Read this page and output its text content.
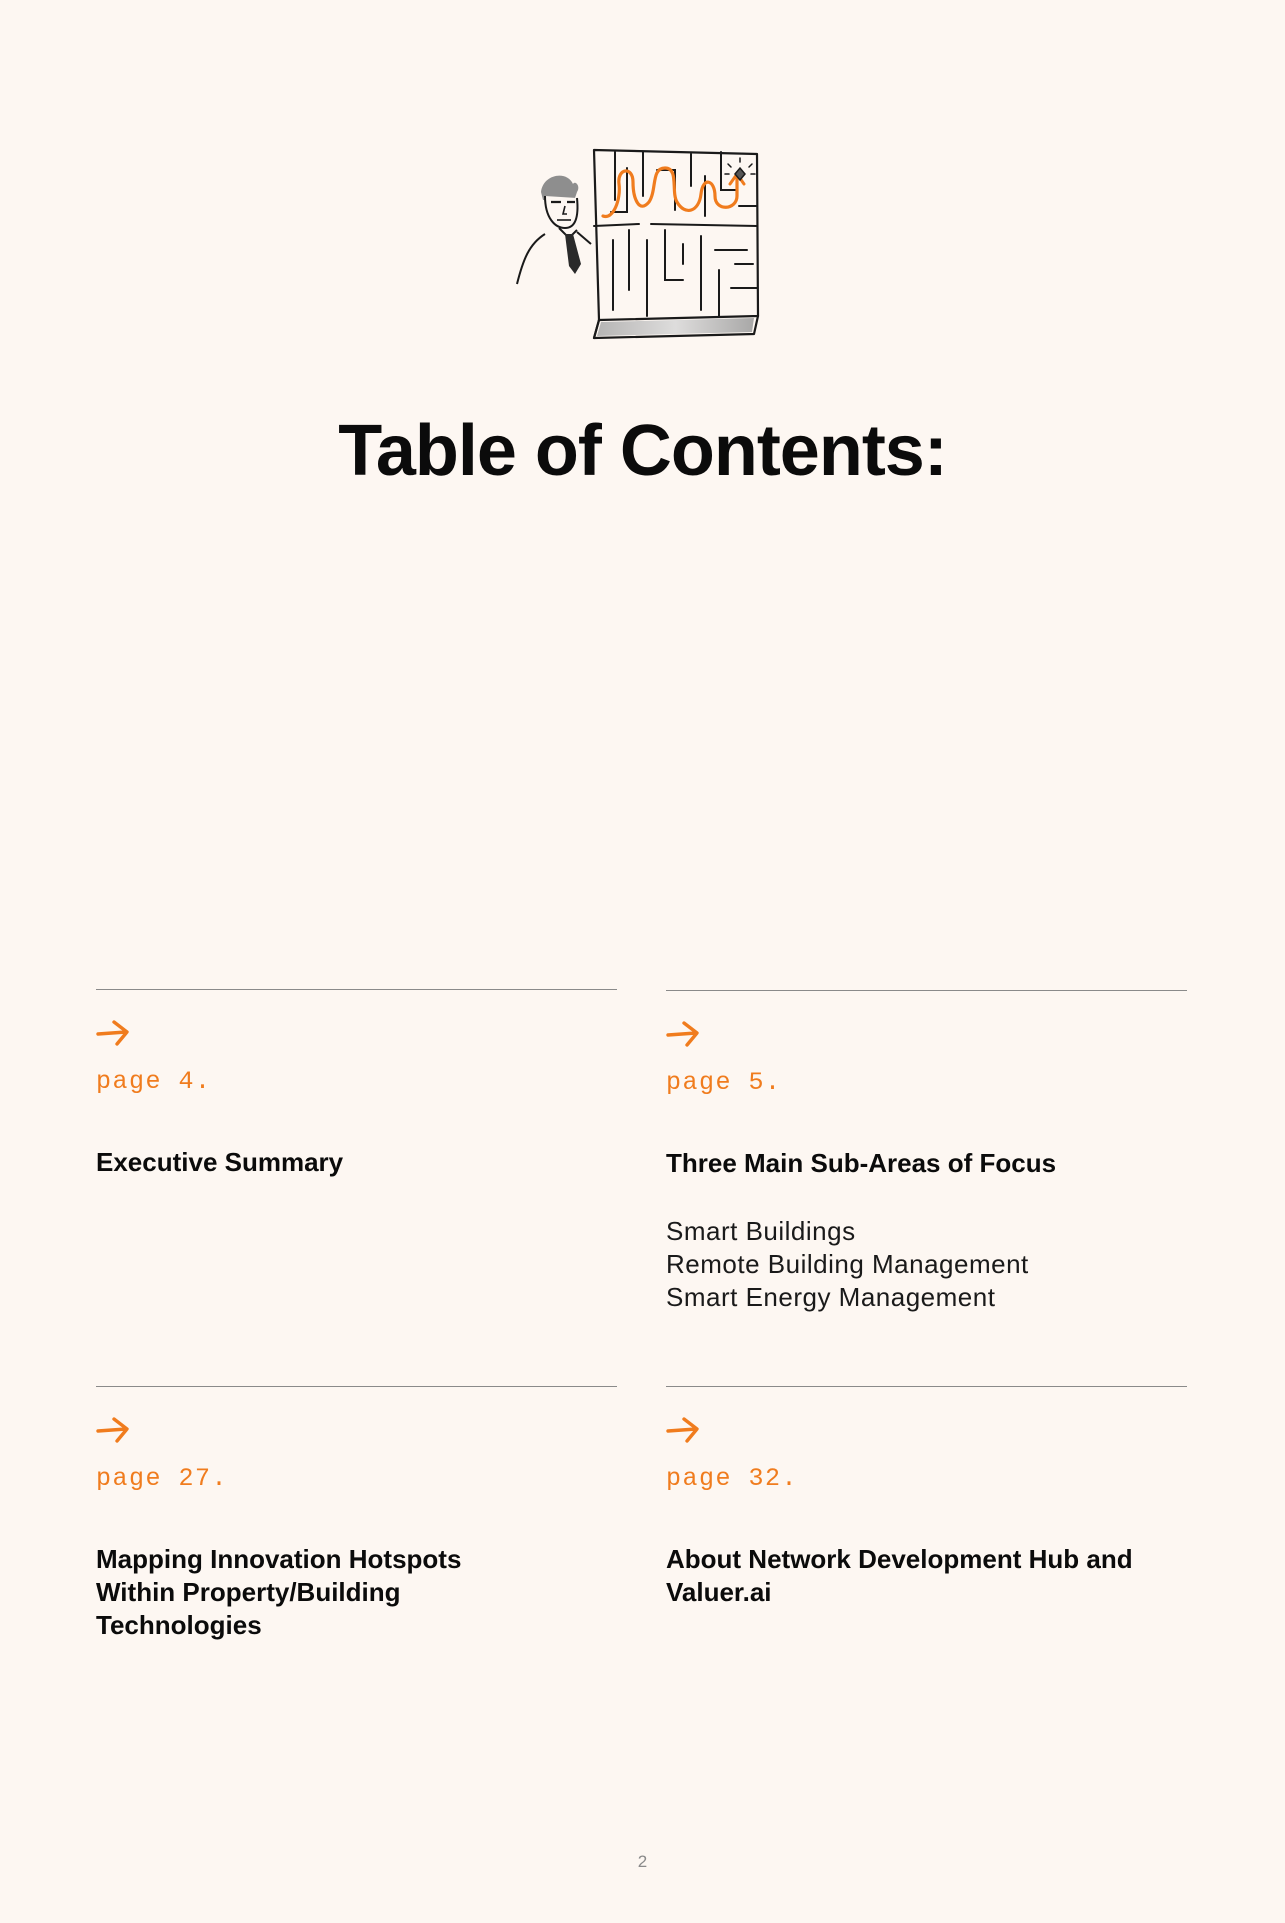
Table of Contents:
page 4.
Executive Summary
page 5.
Three Main Sub-Areas of Focus
Smart Buildings
Remote Building Management
Smart Energy Management
page 27.
Mapping Innovation Hotspots Within Property/Building Technologies
page 32.
About Network Development Hub and Valuer.ai
2
